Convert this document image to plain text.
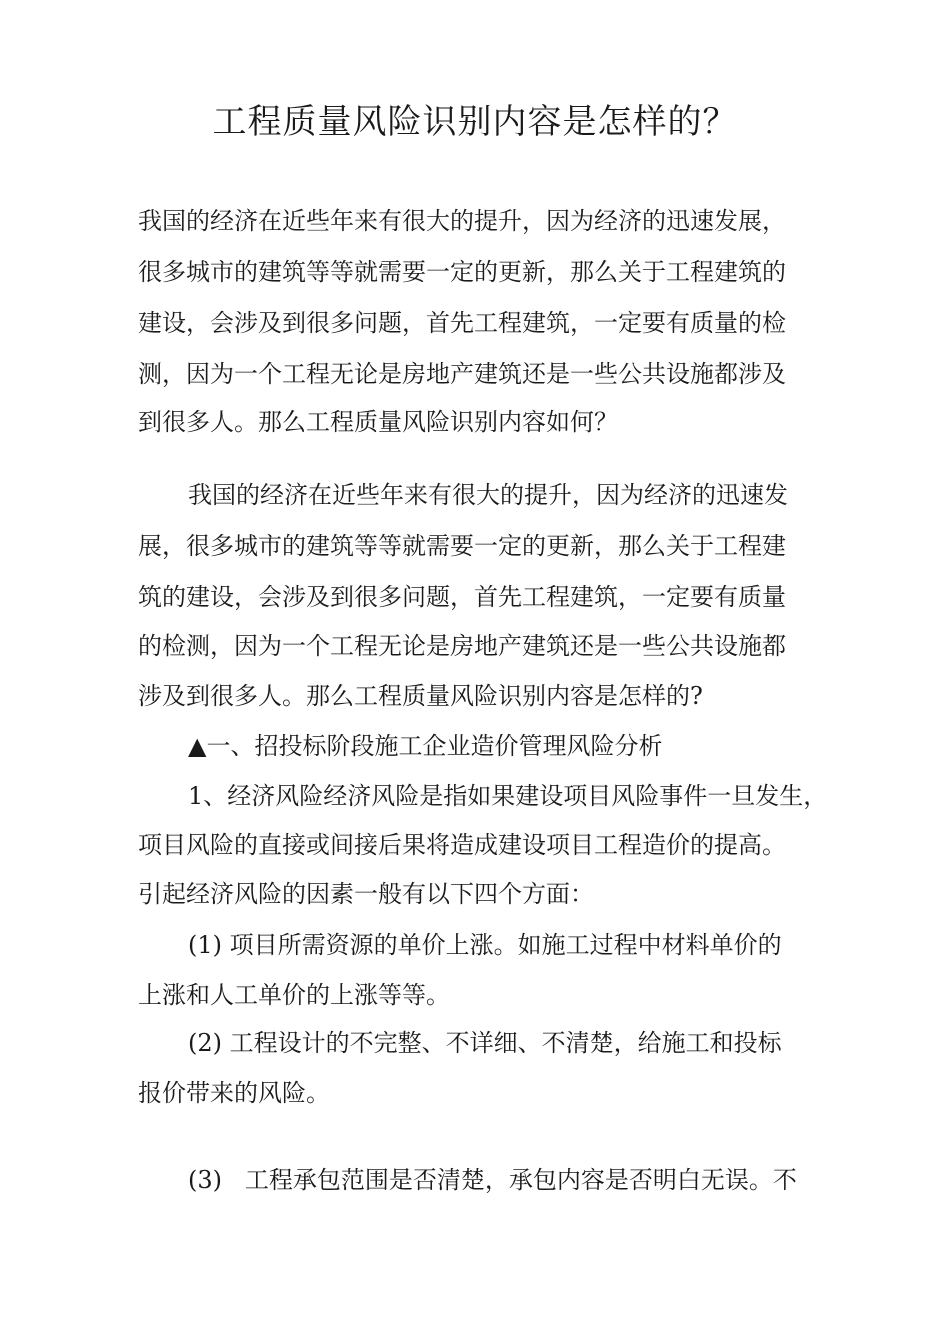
工程质量风险识别内容是怎样的？
我国的经济在近些年来有很大的提升，因为经济的迅速发展，
很多城市的建筑等等就需要一定的更新，那么关于工程建筑的
建设，会涉及到很多问题，首先工程建筑，一定要有质量的检
测，因为一个工程无论是房地产建筑还是一些公共设施都涉及
到很多人。那么工程质量风险识别内容如何？
我国的经济在近些年来有很大的提升，因为经济的迅速发
展，很多城市的建筑等等就需要一定的更新，那么关于工程建
筑的建设，会涉及到很多问题，首先工程建筑，一定要有质量
的检测，因为一个工程无论是房地产建筑还是一些公共设施都
涉及到很多人。那么工程质量风险识别内容是怎样的?
▲一、招投标阶段施工企业造价管理风险分析
1、经济风险经济风险是指如果建设项目风险事件一旦发生，
项目风险的直接或间接后果将造成建设项目工程造价的提高。
引起经济风险的因素一般有以下四个方面：
(1) 项目所需资源的单价上涨。如施工过程中材料单价的
上涨和人工单价的上涨等等。
(2) 工程设计的不完整、不详细、不清楚，给施工和投标
报价带来的风险。
(3)   工程承包范围是否清楚，承包内容是否明白无误。不
